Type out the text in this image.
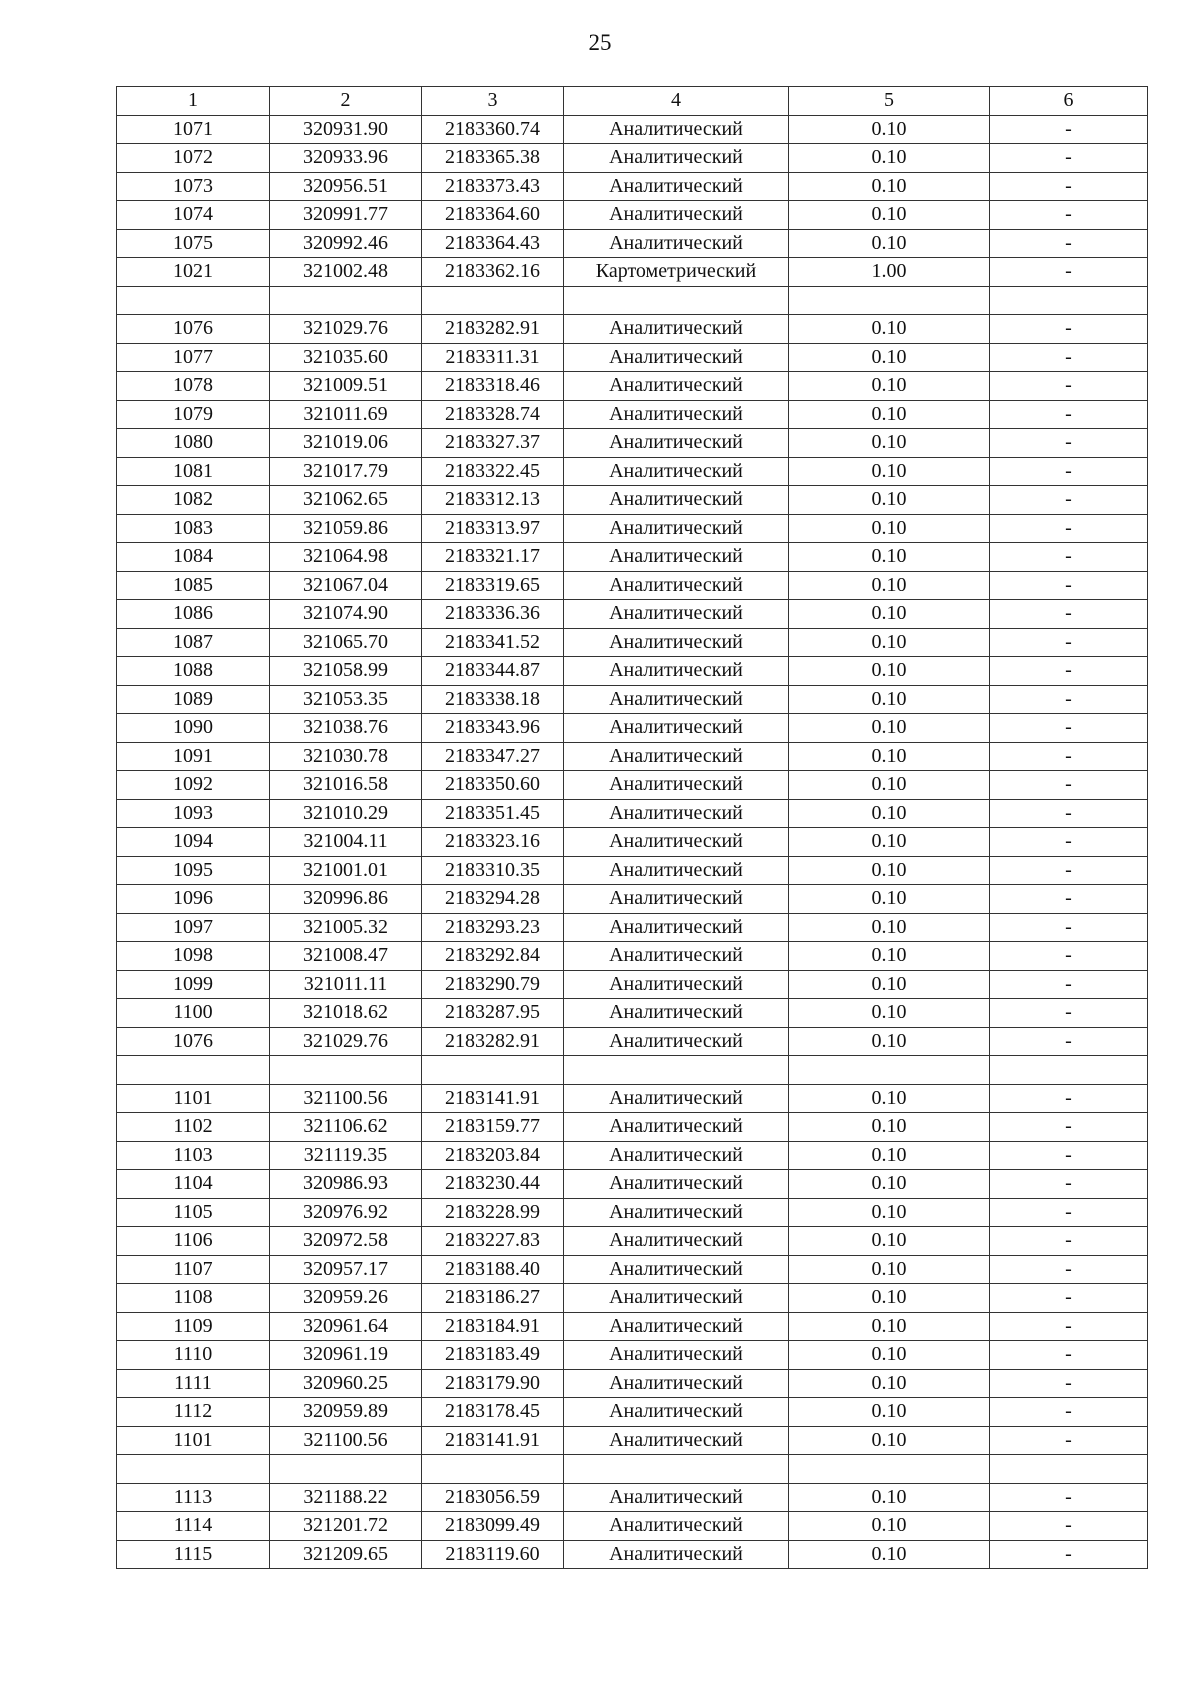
25
1	2	3	4	5	6
1071	320931.90	2183360.74	Аналитический	0.10	-
1072	320933.96	2183365.38	Аналитический	0.10	-
1073	320956.51	2183373.43	Аналитический	0.10	-
1074	320991.77	2183364.60	Аналитический	0.10	-
1075	320992.46	2183364.43	Аналитический	0.10	-
1021	321002.48	2183362.16	Картометрический	1.00	-

1076	321029.76	2183282.91	Аналитический	0.10	-
1077	321035.60	2183311.31	Аналитический	0.10	-
1078	321009.51	2183318.46	Аналитический	0.10	-
1079	321011.69	2183328.74	Аналитический	0.10	-
1080	321019.06	2183327.37	Аналитический	0.10	-
1081	321017.79	2183322.45	Аналитический	0.10	-
1082	321062.65	2183312.13	Аналитический	0.10	-
1083	321059.86	2183313.97	Аналитический	0.10	-
1084	321064.98	2183321.17	Аналитический	0.10	-
1085	321067.04	2183319.65	Аналитический	0.10	-
1086	321074.90	2183336.36	Аналитический	0.10	-
1087	321065.70	2183341.52	Аналитический	0.10	-
1088	321058.99	2183344.87	Аналитический	0.10	-
1089	321053.35	2183338.18	Аналитический	0.10	-
1090	321038.76	2183343.96	Аналитический	0.10	-
1091	321030.78	2183347.27	Аналитический	0.10	-
1092	321016.58	2183350.60	Аналитический	0.10	-
1093	321010.29	2183351.45	Аналитический	0.10	-
1094	321004.11	2183323.16	Аналитический	0.10	-
1095	321001.01	2183310.35	Аналитический	0.10	-
1096	320996.86	2183294.28	Аналитический	0.10	-
1097	321005.32	2183293.23	Аналитический	0.10	-
1098	321008.47	2183292.84	Аналитический	0.10	-
1099	321011.11	2183290.79	Аналитический	0.10	-
1100	321018.62	2183287.95	Аналитический	0.10	-
1076	321029.76	2183282.91	Аналитический	0.10	-

1101	321100.56	2183141.91	Аналитический	0.10	-
1102	321106.62	2183159.77	Аналитический	0.10	-
1103	321119.35	2183203.84	Аналитический	0.10	-
1104	320986.93	2183230.44	Аналитический	0.10	-
1105	320976.92	2183228.99	Аналитический	0.10	-
1106	320972.58	2183227.83	Аналитический	0.10	-
1107	320957.17	2183188.40	Аналитический	0.10	-
1108	320959.26	2183186.27	Аналитический	0.10	-
1109	320961.64	2183184.91	Аналитический	0.10	-
1110	320961.19	2183183.49	Аналитический	0.10	-
1111	320960.25	2183179.90	Аналитический	0.10	-
1112	320959.89	2183178.45	Аналитический	0.10	-
1101	321100.56	2183141.91	Аналитический	0.10	-

1113	321188.22	2183056.59	Аналитический	0.10	-
1114	321201.72	2183099.49	Аналитический	0.10	-
1115	321209.65	2183119.60	Аналитический	0.10	-
